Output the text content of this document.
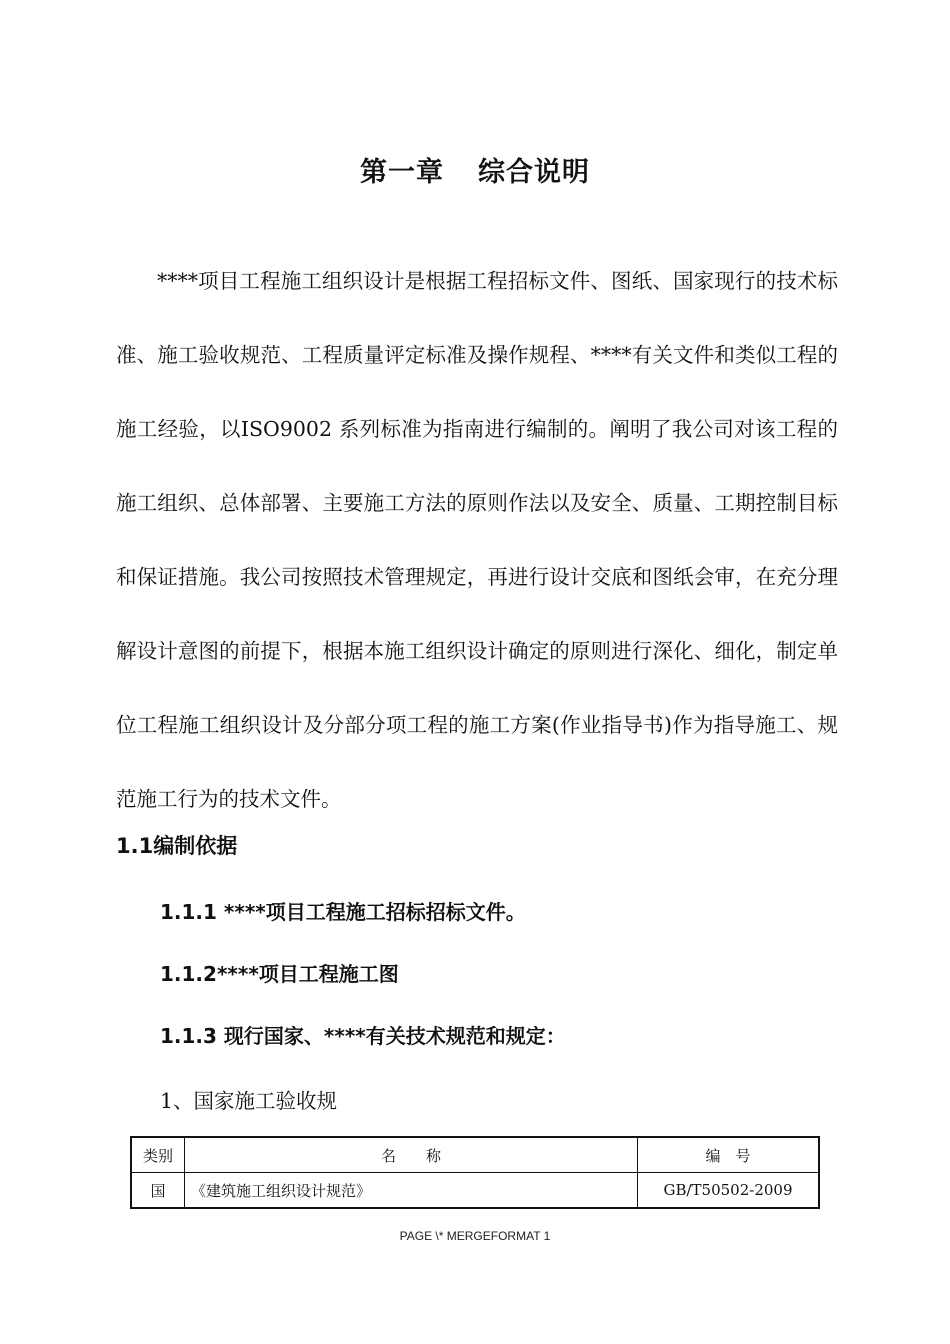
第一章 综合说明

****项目工程施工组织设计是根据工程招标文件、图纸、国家现行的技术标准、施工验收规范、工程质量评定标准及操作规程、****有关文件和类似工程的施工经验，以ISO9002 系列标准为指南进行编制的。阐明了我公司对该工程的施工组织、总体部署、主要施工方法的原则作法以及安全、质量、工期控制目标和保证措施。我公司按照技术管理规定，再进行设计交底和图纸会审，在充分理解设计意图的前提下，根据本施工组织设计确定的原则进行深化、细化，制定单位工程施工组织设计及分部分项工程的施工方案(作业指导书)作为指导施工、规范施工行为的技术文件。

1.1编制依据
1.1.1 ****项目工程施工招标招标文件。
1.1.2****项目工程施工图
1.1.3 现行国家、****有关技术规范和规定：
1、国家施工验收规
类别	名　　称	编　号
国	《建筑施工组织设计规范》	GB/T50502-2009
PAGE \* MERGEFORMAT 1
